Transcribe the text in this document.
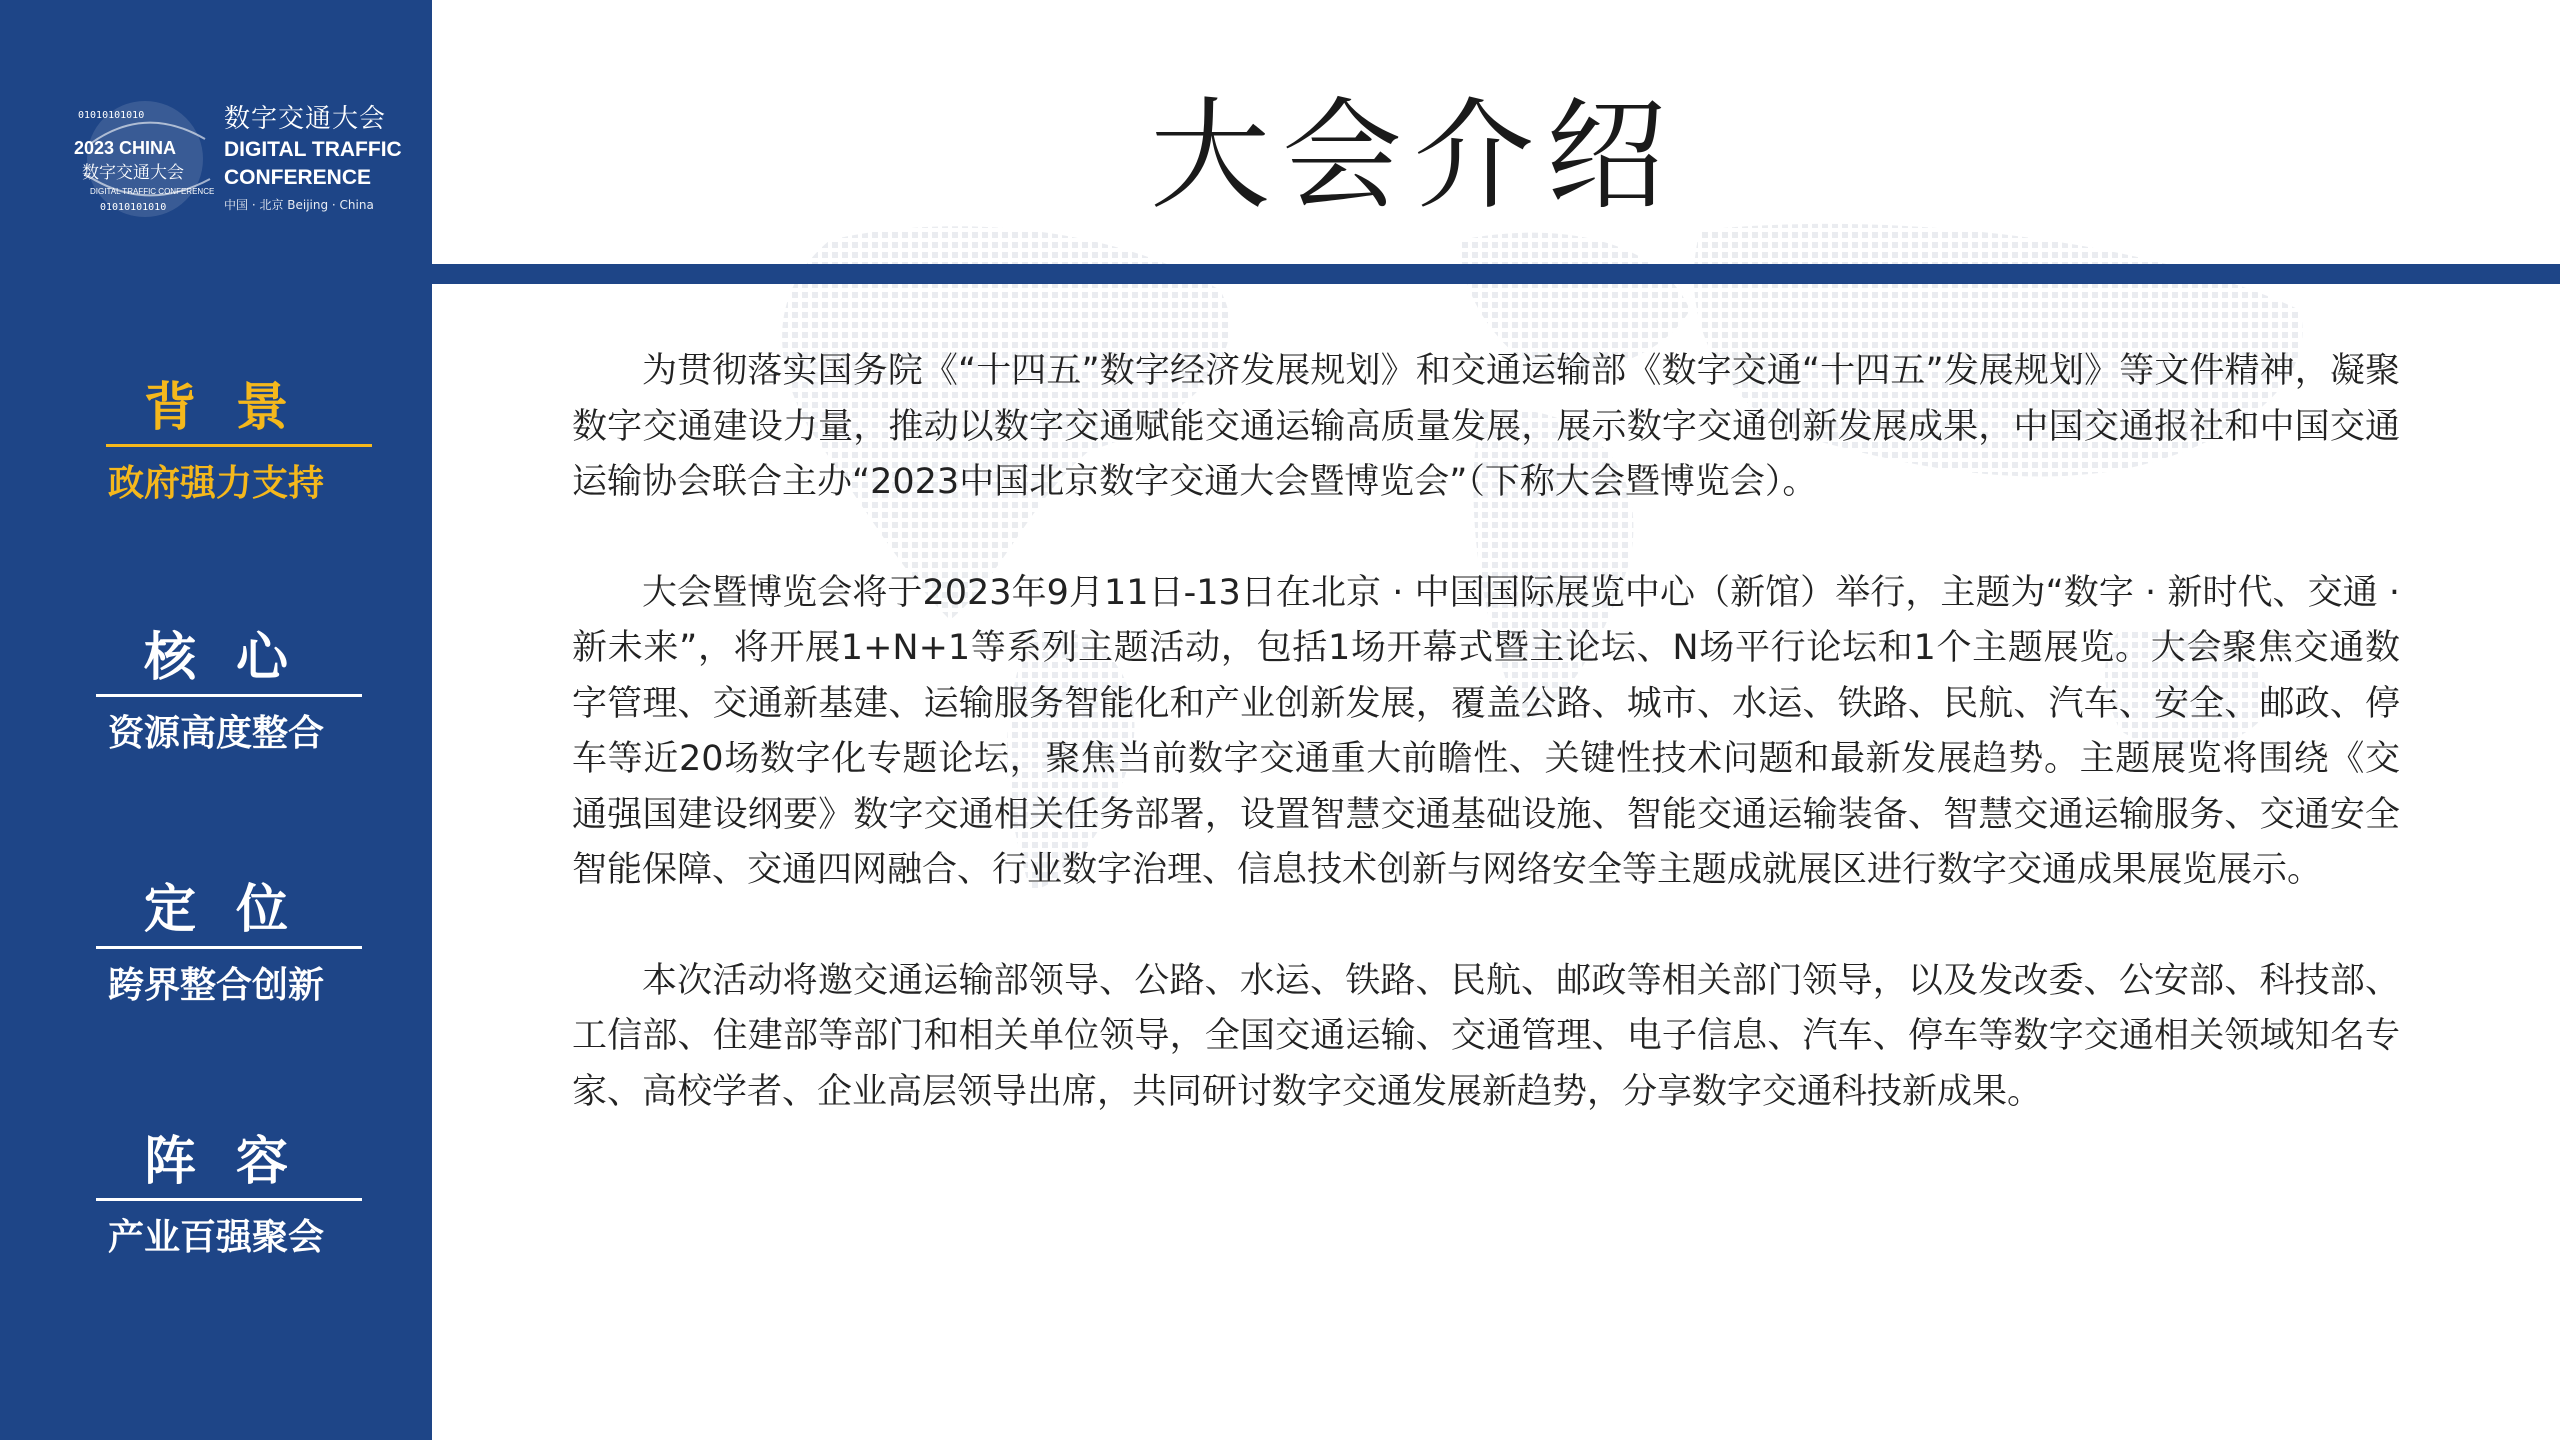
01010101010
2023 CHINA
数字交通大会
DIGITAL TRAFFIC CONFERENCE
01010101010
数字交通大会
DIGITAL TRAFFIC
CONFERENCE
中国 · 北京 Beijing · China
背景
政府强力支持
核心
资源高度整合
定位
跨界整合创新
阵容
产业百强聚会
大会介绍

为贯彻落实国务院《“十四五”数字经济发展规划》和交通运输部《数字交通“十四五”发展规划》等文件精神，凝聚数字交通建设力量，推动以数字交通赋能交通运输高质量发展，展示数字交通创新发展成果，中国交通报社和中国交通运输协会联合主办“2023中国北京数字交通大会暨博览会”（下称大会暨博览会）。

大会暨博览会将于2023年9月11日-13日在北京 · 中国国际展览中心（新馆）举行，主题为“数字 · 新时代、交通 · 新未来”，将开展1+N+1等系列主题活动，包括1场开幕式暨主论坛、N场平行论坛和1个主题展览。大会聚焦交通数字管理、交通新基建、运输服务智能化和产业创新发展，覆盖公路、城市、水运、铁路、民航、汽车、安全、邮政、停车等近20场数字化专题论坛，聚焦当前数字交通重大前瞻性、关键性技术问题和最新发展趋势。主题展览将围绕《交通强国建设纲要》数字交通相关任务部署，设置智慧交通基础设施、智能交通运输装备、智慧交通运输服务、交通安全智能保障、交通四网融合、行业数字治理、信息技术创新与网络安全等主题成就展区进行数字交通成果展览展示。

本次活动将邀交通运输部领导、公路、水运、铁路、民航、邮政等相关部门领导，以及发改委、公安部、科技部、工信部、住建部等部门和相关单位领导，全国交通运输、交通管理、电子信息、汽车、停车等数字交通相关领域知名专家、高校学者、企业高层领导出席，共同研讨数字交通发展新趋势，分享数字交通科技新成果。
